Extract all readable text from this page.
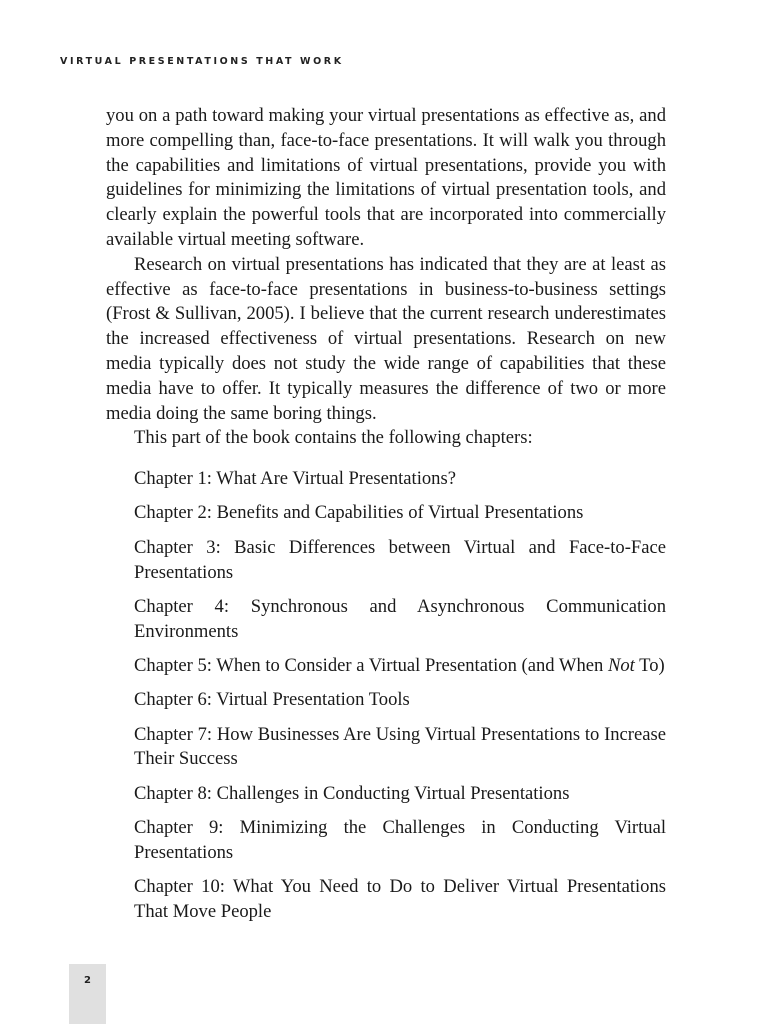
VIRTUAL PRESENTATIONS THAT WORK

you on a path toward making your virtual presentations as effective as, and more compelling than, face-to-face presentations. It will walk you through the capabilities and limitations of virtual presentations, provide you with guidelines for minimizing the limitations of virtual presentation tools, and clearly explain the powerful tools that are incorporated into commercially available virtual meeting software.

Research on virtual presentations has indicated that they are at least as effective as face-to-face presentations in business-to-business settings (Frost & Sullivan, 2005). I believe that the current research underestimates the increased effectiveness of virtual presentations. Research on new media typically does not study the wide range of capabilities that these media have to offer. It typically measures the difference of two or more media doing the same boring things.

This part of the book contains the following chapters:

Chapter 1: What Are Virtual Presentations?
Chapter 2: Benefits and Capabilities of Virtual Presentations
Chapter 3: Basic Differences between Virtual and Face-to-Face Presentations
Chapter 4: Synchronous and Asynchronous Communication Environments
Chapter 5: When to Consider a Virtual Presentation (and When Not To)
Chapter 6: Virtual Presentation Tools
Chapter 7: How Businesses Are Using Virtual Presentations to Increase Their Success
Chapter 8: Challenges in Conducting Virtual Presentations
Chapter 9: Minimizing the Challenges in Conducting Virtual Presentations
Chapter 10: What You Need to Do to Deliver Virtual Presentations That Move People
2
